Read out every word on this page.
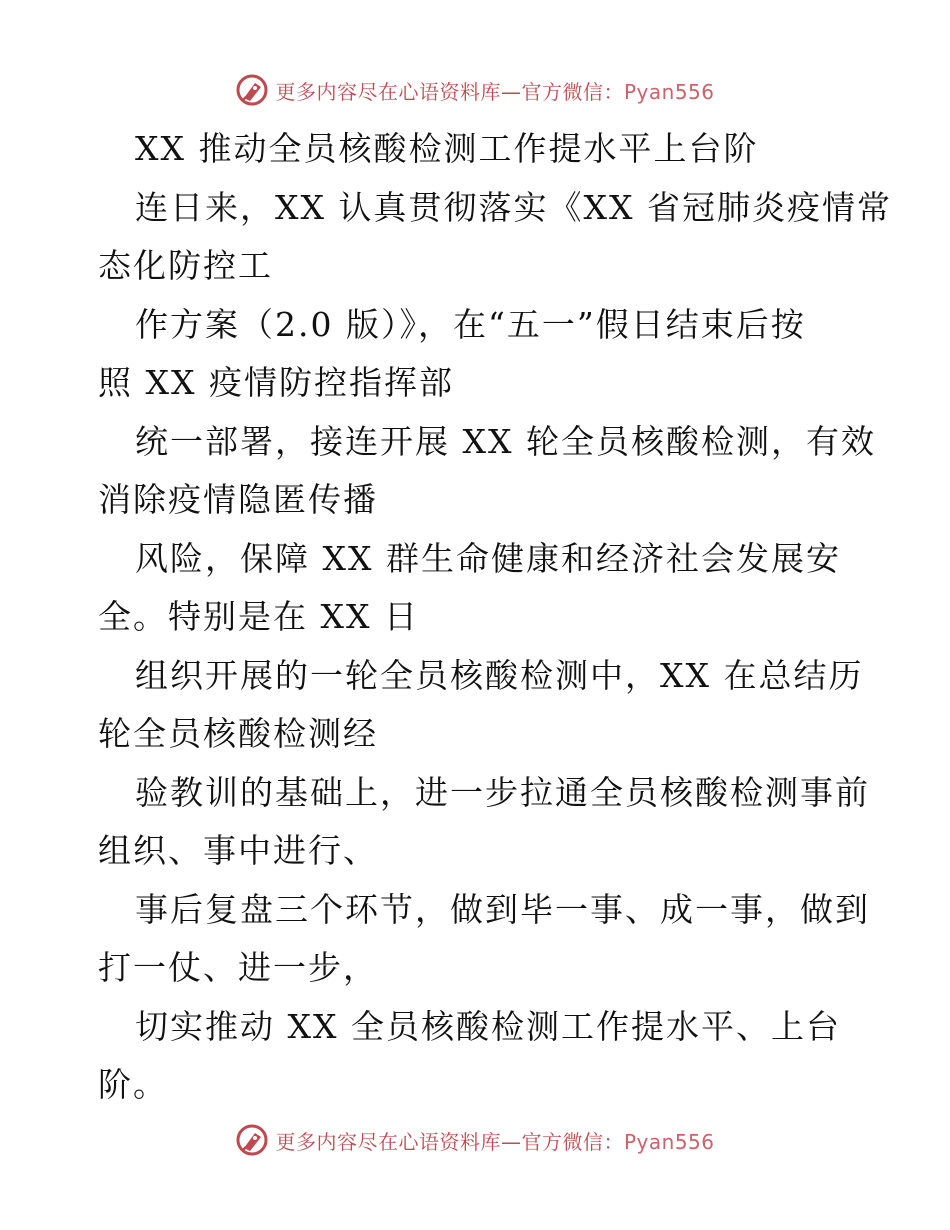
更多内容尽在心语资料库—官方微信：Pyan556
XX 推动全员核酸检测工作提水平上台阶
连日来，XX 认真贯彻落实《XX 省冠肺炎疫情常
态化防控工
作方案（2.0 版）》，在“五一”假日结束后按
照 XX 疫情防控指挥部
统一部署，接连开展 XX 轮全员核酸检测，有效
消除疫情隐匿传播
风险，保障 XX 群生命健康和经济社会发展安
全。特别是在 XX 日
组织开展的一轮全员核酸检测中，XX 在总结历
轮全员核酸检测经
验教训的基础上，进一步拉通全员核酸检测事前
组织、事中进行、
事后复盘三个环节，做到毕一事、成一事，做到
打一仗、进一步，
切实推动 XX 全员核酸检测工作提水平、上台
阶。
更多内容尽在心语资料库—官方微信：Pyan556
